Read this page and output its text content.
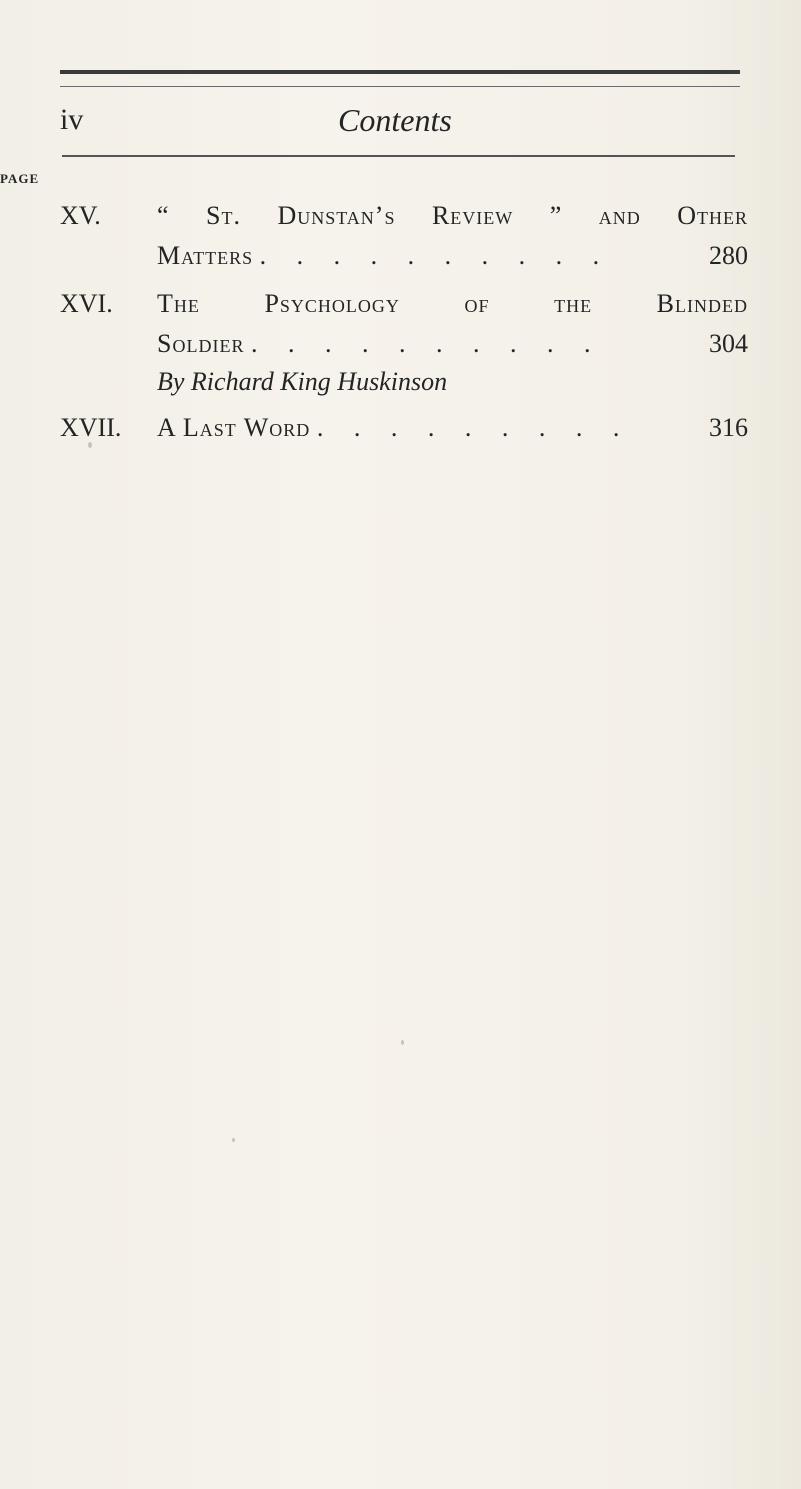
iv	Contents
PAGE
XV. “ St. Dunstan’s Review ” and Other
Matters . . . . . . . . . .	280
XVI. The Psychology of the Blinded
Soldier . . . . . . . . . .	304
By Richard King Huskinson
XVII. A Last Word . . . . . . . . .	316
